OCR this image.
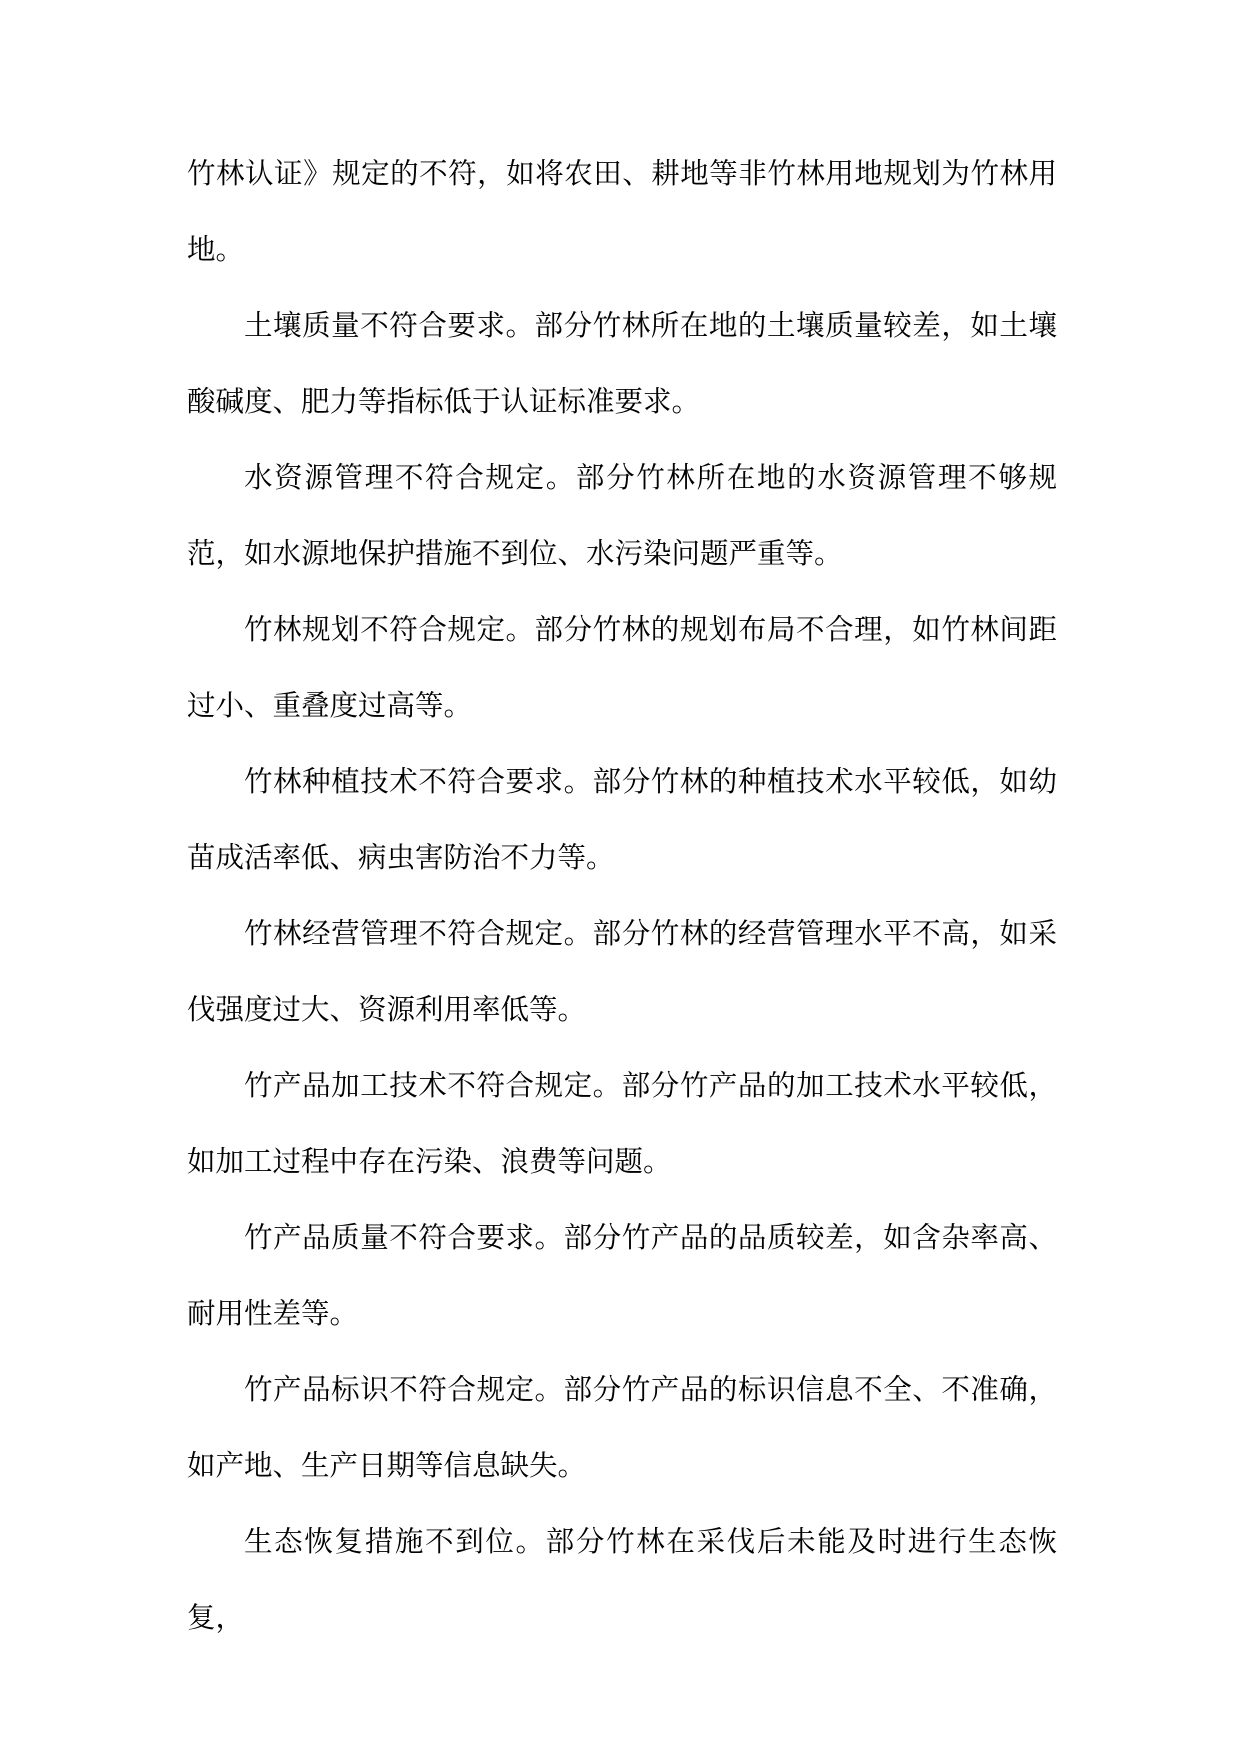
竹林认证》规定的不符，如将农田、耕地等非竹林用地规划为竹林用地。

土壤质量不符合要求。部分竹林所在地的土壤质量较差，如土壤酸碱度、肥力等指标低于认证标准要求。

水资源管理不符合规定。部分竹林所在地的水资源管理不够规范，如水源地保护措施不到位、水污染问题严重等。

竹林规划不符合规定。部分竹林的规划布局不合理，如竹林间距过小、重叠度过高等。

竹林种植技术不符合要求。部分竹林的种植技术水平较低，如幼苗成活率低、病虫害防治不力等。

竹林经营管理不符合规定。部分竹林的经营管理水平不高，如采伐强度过大、资源利用率低等。

竹产品加工技术不符合规定。部分竹产品的加工技术水平较低，如加工过程中存在污染、浪费等问题。

竹产品质量不符合要求。部分竹产品的品质较差，如含杂率高、耐用性差等。

竹产品标识不符合规定。部分竹产品的标识信息不全、不准确，如产地、生产日期等信息缺失。

生态恢复措施不到位。部分竹林在采伐后未能及时进行生态恢复，
